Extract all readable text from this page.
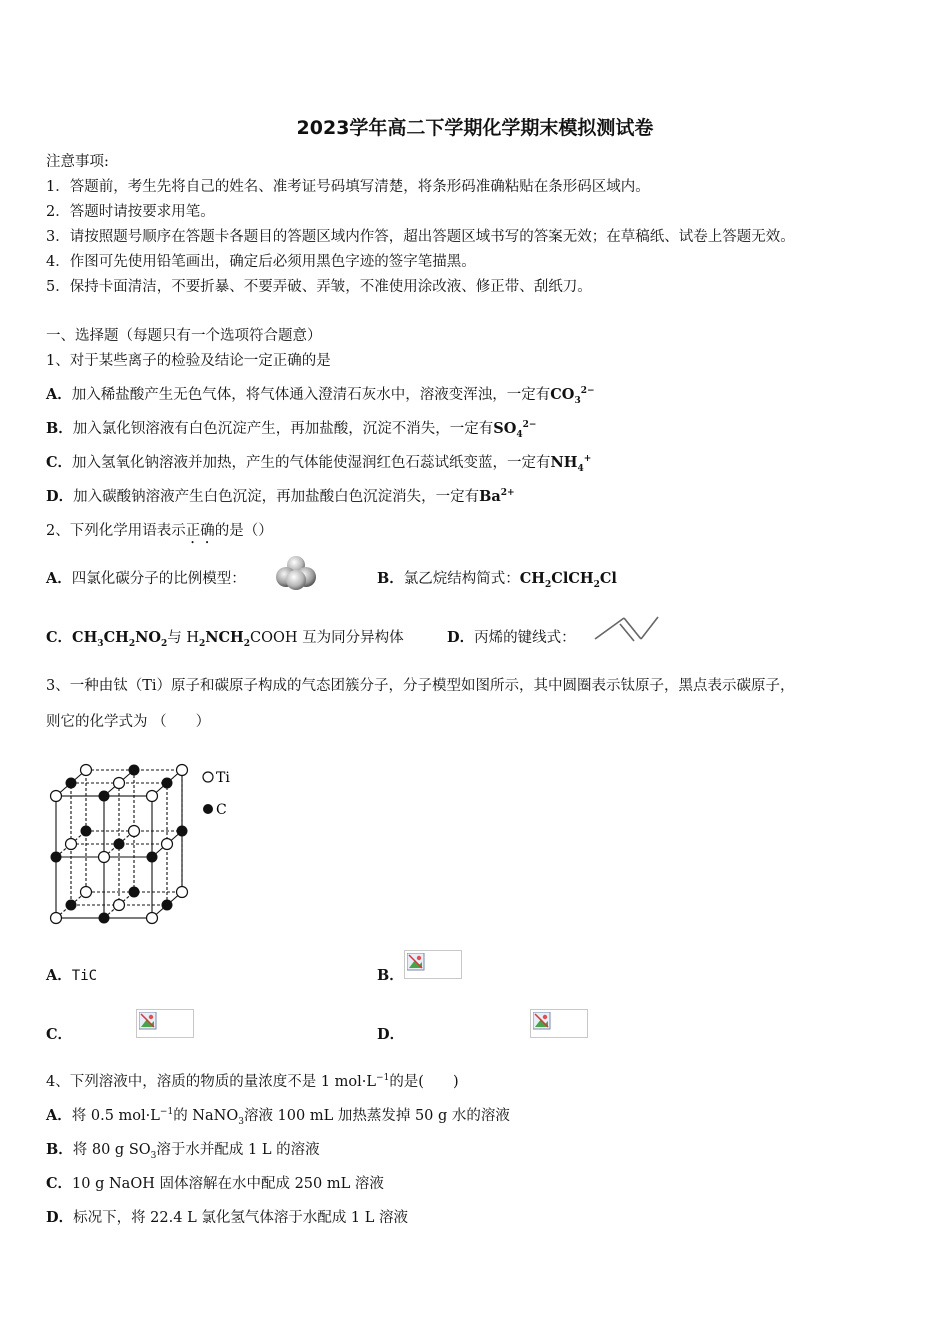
2023学年高二下学期化学期末模拟测试卷
注意事项:
1．答题前，考生先将自己的姓名、准考证号码填写清楚，将条形码准确粘贴在条形码区域内。
2．答题时请按要求用笔。
3．请按照题号顺序在答题卡各题目的答题区域内作答，超出答题区域书写的答案无效；在草稿纸、试卷上答题无效。
4．作图可先使用铅笔画出，确定后必须用黑色字迹的签字笔描黑。
5．保持卡面清洁，不要折暴、不要弄破、弄皱，不准使用涂改液、修正带、刮纸刀。
一、选择题（每题只有一个选项符合题意）
1、对于某些离子的检验及结论一定正确的是
A．加入稀盐酸产生无色气体，将气体通入澄清石灰水中，溶液变浑浊，一定有$CO_3^{2-}$
B．加入氯化钡溶液有白色沉淀产生，再加盐酸，沉淀不消失，一定有$SO_4^{2-}$
C．加入氢氧化钠溶液并加热，产生的气体能使湿润红色石蕊试纸变蓝，一定有$NH_4^+$
D．加入碳酸钠溶液产生白色沉淀，再加盐酸白色沉淀消失，一定有$Ba^{2+}$
2、下列化学用语表示正确的是（）
A．四氯化碳分子的比例模型：	B．氯乙烷结构简式：$CH_2ClCH_2Cl$
C．$CH_3CH_2NO_2$与 $H_2NCH_2COOH$ 互为同分异构体	D．丙烯的键线式：
3、一种由钛（Ti）原子和碳原子构成的气态团簇分子，分子模型如图所示，其中圆圈表示钛原子，黑点表示碳原子，
则它的化学式为 （　　）
Ti
C
A．TiC	B．

C．
	D．
4、下列溶液中，溶质的物质的量浓度不是 1 $mol\cdot L^{-1}$的是(　　)
A．将 0.5 $mol\cdot L^{-1}$的 NaNO$_3$溶液 100 mL 加热蒸发掉 50 g 水的溶液
B．将 80 g $SO_3$溶于水并配成 1 L 的溶液
C．10 g NaOH 固体溶解在水中配成 250 mL 溶液
D．标况下，将 22.4 L 氯化氢气体溶于水配成 1 L 溶液
